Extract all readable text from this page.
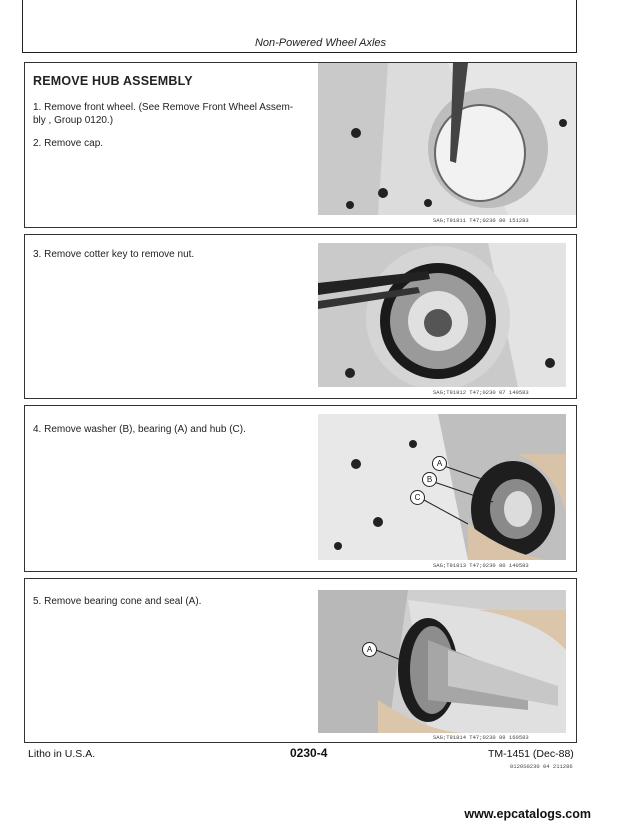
Non-Powered Wheel Axles
REMOVE HUB ASSEMBLY
1. Remove front wheel. (See Remove Front Wheel Assem-
bly , Group 0120.)
2. Remove cap.
SAG;T91811 T47;0230 80 151283
3. Remove cotter key to remove nut.
SAG;T91812 T47;0230 07 140583
4. Remove washer (B), bearing (A) and hub (C).
A
B
C
SAG;T91813 T47;0230 80 140583
5. Remove bearing cone and seal (A).
A
SAG;T91814 T47;0230 89 160583
Litho in U.S.A.	0230-4	TM-1451 (Dec-88)
0120S0230 04 211286
www.epcatalogs.com
